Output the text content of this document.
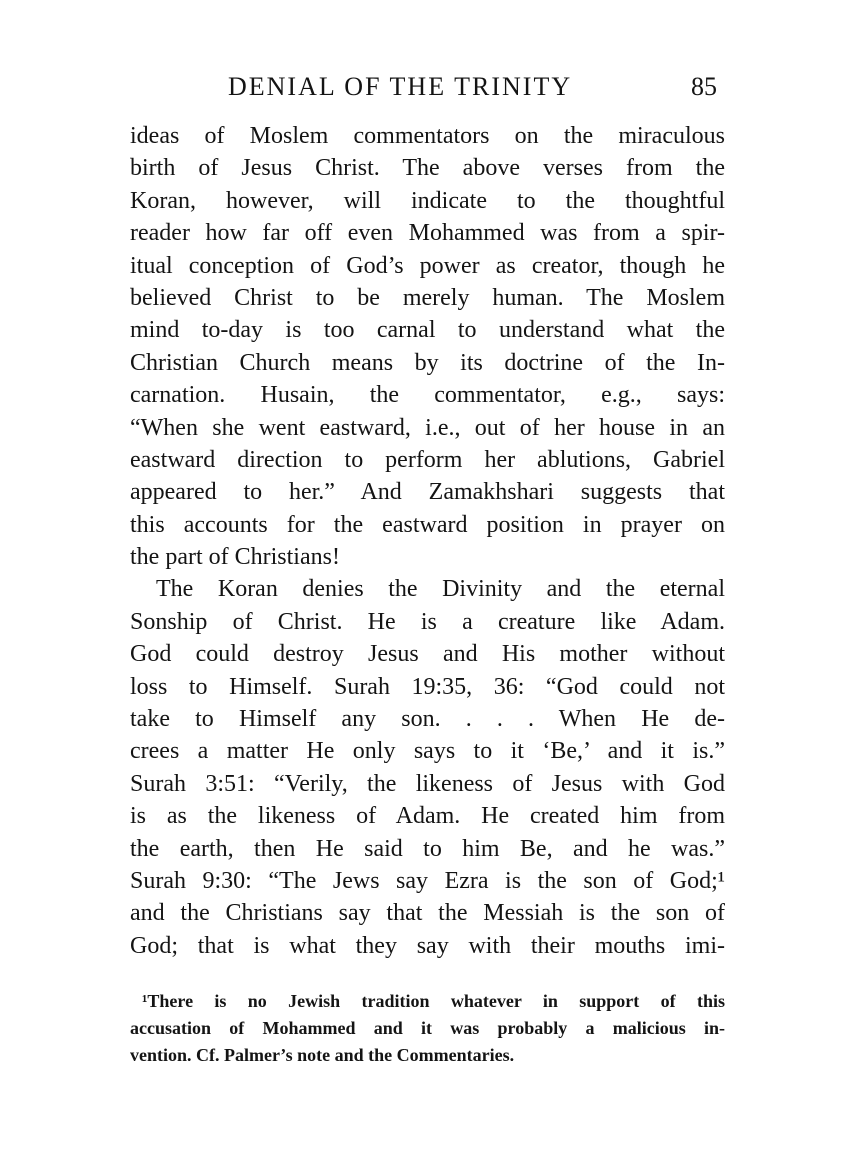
DENIAL OF THE TRINITY	85
ideas of Moslem commentators on the miraculous
birth of Jesus Christ. The above verses from the
Koran, however, will indicate to the thoughtful
reader how far off even Mohammed was from a spir-
itual conception of God’s power as creator, though he
believed Christ to be merely human. The Moslem
mind to-day is too carnal to understand what the
Christian Church means by its doctrine of the In-
carnation. Husain, the commentator, e.g., says:
“When she went eastward, i.e., out of her house in an
eastward direction to perform her ablutions, Gabriel
appeared to her.” And Zamakhshari suggests that
this accounts for the eastward position in prayer on
the part of Christians!
The Koran denies the Divinity and the eternal
Sonship of Christ. He is a creature like Adam.
God could destroy Jesus and His mother without
loss to Himself. Surah 19:35, 36: “God could not
take to Himself any son. . . . When He de-
crees a matter He only says to it ‘Be,’ and it is.”
Surah 3:51: “Verily, the likeness of Jesus with God
is as the likeness of Adam. He created him from
the earth, then He said to him Be, and he was.”
Surah 9:30: “The Jews say Ezra is the son of God;¹
and the Christians say that the Messiah is the son of
God; that is what they say with their mouths imi-
¹There is no Jewish tradition whatever in support of this
accusation of Mohammed and it was probably a malicious in-
vention. Cf. Palmer’s note and the Commentaries.
